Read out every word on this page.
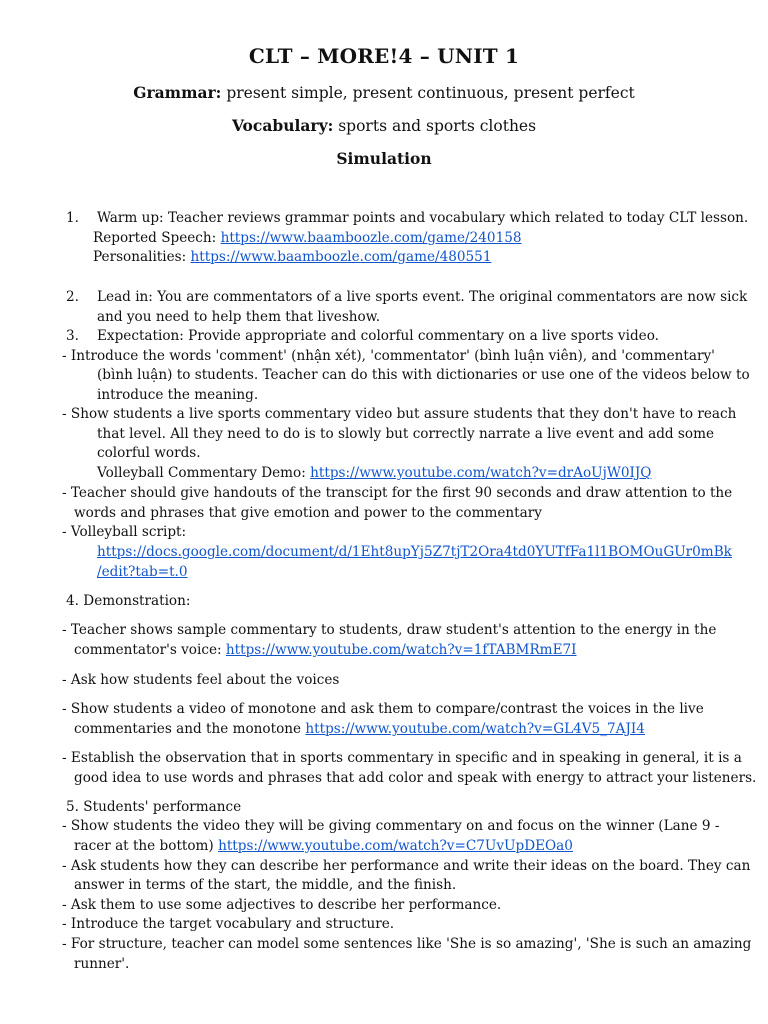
CLT – MORE!4 – UNIT 1
Grammar: present simple, present continuous, present perfect
Vocabulary: sports and sports clothes
Simulation
1. Warm up: Teacher reviews grammar points and vocabulary which related to today CLT lesson.
Reported Speech: https://www.baamboozle.com/game/240158
Personalities: https://www.baamboozle.com/game/480551
2. Lead in: You are commentators of a live sports event. The original commentators are now sick
and you need to help them that liveshow.
3. Expectation: Provide appropriate and colorful commentary on a live sports video.
- Introduce the words 'comment' (nhận xét), 'commentator' (bình luận viên), and 'commentary'
(bình luận) to students. Teacher can do this with dictionaries or use one of the videos below to
introduce the meaning.
- Show students a live sports commentary video but assure students that they don't have to reach
that level. All they need to do is to slowly but correctly narrate a live event and add some
colorful words.
Volleyball Commentary Demo: https://www.youtube.com/watch?v=drAoUjW0IJQ
- Teacher should give handouts of the transcipt for the first 90 seconds and draw attention to the
words and phrases that give emotion and power to the commentary
- Volleyball script:
https://docs.google.com/document/d/1Eht8upYj5Z7tjT2Ora4td0YUTfFa1l1BOMOuGUr0mBk
/edit?tab=t.0
4. Demonstration:
- Teacher shows sample commentary to students, draw student's attention to the energy in the
commentator's voice: https://www.youtube.com/watch?v=1fTABMRmE7I
- Ask how students feel about the voices
- Show students a video of monotone and ask them to compare/contrast the voices in the live
commentaries and the monotone https://www.youtube.com/watch?v=GL4V5_7AJI4
- Establish the observation that in sports commentary in specific and in speaking in general, it is a
good idea to use words and phrases that add color and speak with energy to attract your listeners.
5. Students' performance
- Show students the video they will be giving commentary on and focus on the winner (Lane 9 -
racer at the bottom) https://www.youtube.com/watch?v=C7UvUpDEOa0
- Ask students how they can describe her performance and write their ideas on the board. They can
answer in terms of the start, the middle, and the finish.
- Ask them to use some adjectives to describe her performance.
- Introduce the target vocabulary and structure.
- For structure, teacher can model some sentences like 'She is so amazing', 'She is such an amazing
runner'.
